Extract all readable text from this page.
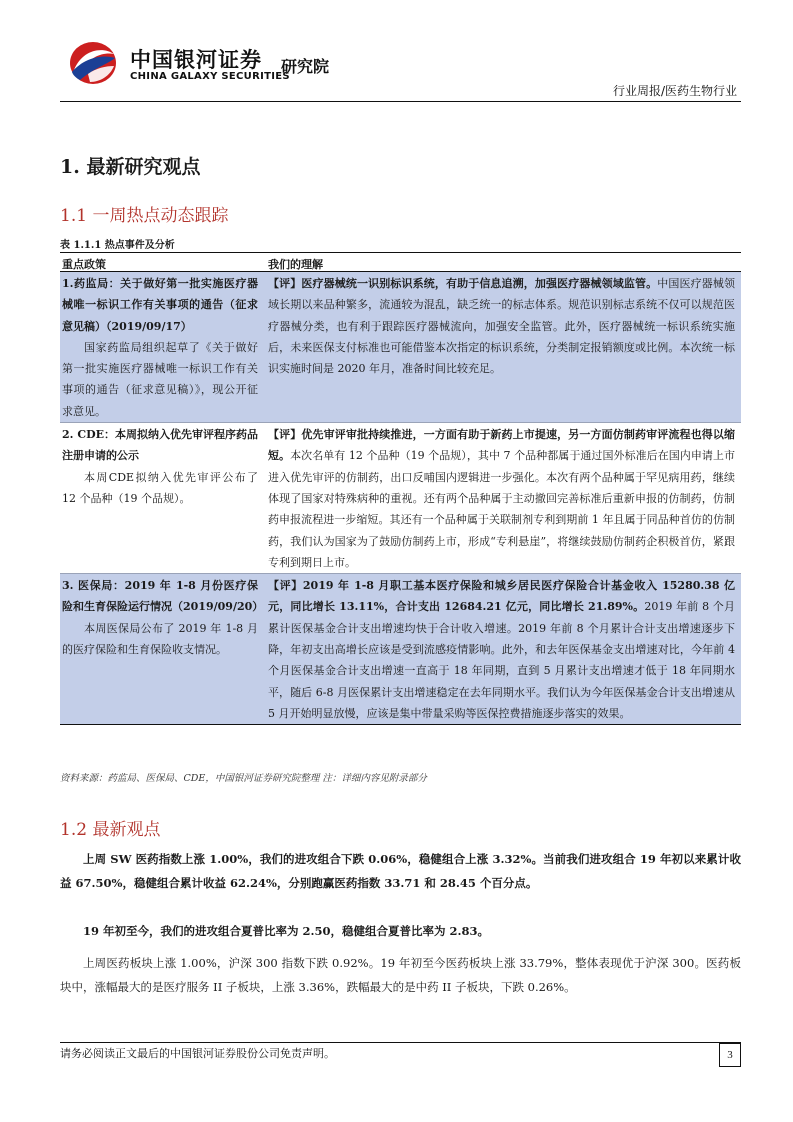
中国银河证券
CHINA GALAXY SECURITIES
研究院
行业周报/医药生物行业
1. 最新研究观点
1.1 一周热点动态跟踪
表 1.1.1 热点事件及分析
重点政策	我们的理解
1.药监局：关于做好第一批实施医疗器械唯一标识工作有关事项的通告（征求意见稿）（2019/09/17）
国家药监局组织起草了《关于做好第一批实施医疗器械唯一标识工作有关事项的通告（征求意见稿）》，现公开征求意见。
【评】医疗器械统一识别标识系统，有助于信息追溯，加强医疗器械领域监管。中国医疗器械领域长期以来品种繁多，流通较为混乱，缺乏统一的标志体系。规范识别标志系统不仅可以规范医疗器械分类，也有利于跟踪医疗器械流向，加强安全监管。此外，医疗器械统一标识系统实施后，未来医保支付标准也可能借鉴本次指定的标识系统，分类制定报销额度或比例。本次统一标识实施时间是 2020 年月，准备时间比较充足。
2. CDE：本周拟纳入优先审评程序药品注册申请的公示
本周CDE拟纳入优先审评公布了 12 个品种（19 个品规）。
【评】优先审评审批持续推进，一方面有助于新药上市提速，另一方面仿制药审评流程也得以缩短。本次名单有 12 个品种（19 个品规），其中 7 个品种都属于通过国外标准后在国内申请上市进入优先审评的仿制药，出口反哺国内逻辑进一步强化。本次有两个品种属于罕见病用药，继续体现了国家对特殊病种的重视。还有两个品种属于主动撤回完善标准后重新申报的仿制药，仿制药申报流程进一步缩短。其还有一个品种属于关联制剂专利到期前 1 年且属于同品种首仿的仿制药，我们认为国家为了鼓励仿制药上市，形成“专利悬崖”，将继续鼓励仿制药企积极首仿，紧跟专利到期日上市。
3. 医保局：2019 年 1-8 月份医疗保险和生育保险运行情况（2019/09/20）
本周医保局公布了 2019 年 1-8 月的医疗保险和生育保险收支情况。
【评】2019 年 1-8 月职工基本医疗保险和城乡居民医疗保险合计基金收入 15280.38 亿元，同比增长 13.11%，合计支出 12684.21 亿元，同比增长 21.89%。2019 年前 8 个月累计医保基金合计支出增速均快于合计收入增速。2019 年前 8 个月累计合计支出增速逐步下降，年初支出高增长应该是受到流感疫情影响。此外，和去年医保基金支出增速对比，今年前 4 个月医保基金合计支出增速一直高于 18 年同期，直到 5 月累计支出增速才低于 18 年同期水平，随后 6-8 月医保累计支出增速稳定在去年同期水平。我们认为今年医保基金合计支出增速从 5 月开始明显放慢，应该是集中带量采购等医保控费措施逐步落实的效果。
资料来源：药监局、医保局、CDE，中国银河证券研究院整理 注：详细内容见附录部分
1.2 最新观点
上周 SW 医药指数上涨 1.00%，我们的进攻组合下跌 0.06%，稳健组合上涨 3.32%。当前我们进攻组合 19 年初以来累计收益 67.50%，稳健组合累计收益 62.24%，分别跑赢医药指数 33.71 和 28.45 个百分点。
19 年初至今，我们的进攻组合夏普比率为 2.50，稳健组合夏普比率为 2.83。
上周医药板块上涨 1.00%，沪深 300 指数下跌 0.92%。19 年初至今医药板块上涨 33.79%，整体表现优于沪深 300。医药板块中，涨幅最大的是医疗服务 II 子板块，上涨 3.36%，跌幅最大的是中药 II 子板块，下跌 0.26%。
请务必阅读正文最后的中国银河证券股份公司免责声明。	3
